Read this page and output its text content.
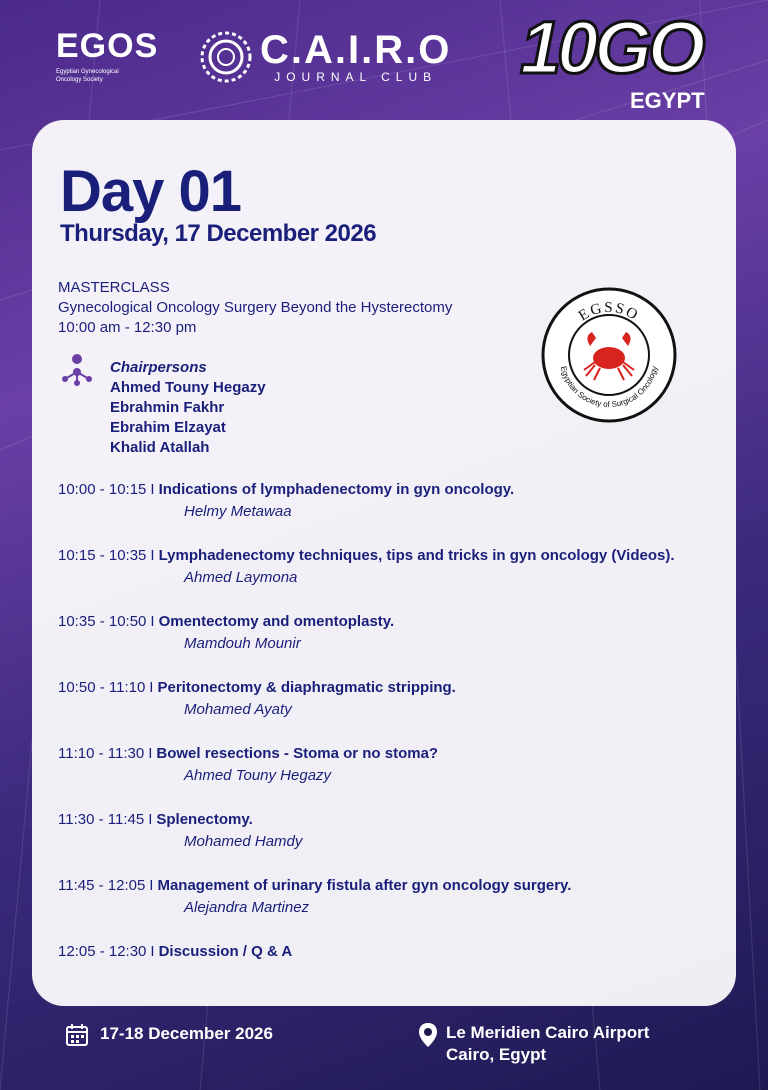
EGOS
Egyptian Gynecological Oncology Society
C.A.I.R.O
JOURNAL CLUB 10GO
EGYPT
Day 01
Thursday, 17 December 2026
MASTERCLASS
Gynecological Oncology Surgery Beyond the Hysterectomy
10:00 am - 12:30 pm
Chairpersons
Ahmed Touny Hegazy
Ebrahmin Fakhr
Ebrahim Elzayat
Khalid Atallah
EGSSO
Egyptian Society of Surgical Oncology
10:00 - 10:15 I Indications of lymphadenectomy in gyn oncology.
Helmy Metawaa
10:15 - 10:35 I Lymphadenectomy techniques, tips and tricks in gyn oncology (Videos).
Ahmed Laymona
10:35 - 10:50 I Omentectomy and omentoplasty.
Mamdouh Mounir
10:50 - 11:10 I Peritonectomy & diaphragmatic stripping.
Mohamed Ayaty
11:10 - 11:30 I Bowel resections - Stoma or no stoma?
Ahmed Touny Hegazy
11:30 - 11:45 I Splenectomy.
Mohamed Hamdy
11:45 - 12:05 I Management of urinary fistula after gyn oncology surgery.
Alejandra Martinez
12:05 - 12:30 I Discussion / Q & A
17-18 December 2026	Le Meridien Cairo Airport
Cairo, Egypt
